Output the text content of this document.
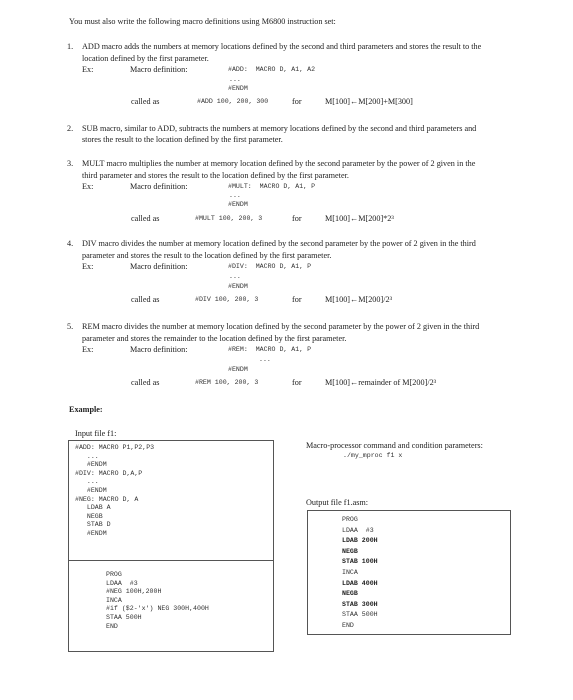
You must also write the following macro definitions using M6800 instruction set:
1. ADD macro adds the numbers at memory locations defined by the second and third parameters and stores the result to the
location defined by the first parameter.
Ex:	Macro definition:	#ADD:  MACRO D, A1, A2
...
#ENDM
called as	#ADD 100, 200, 300	for	M[100]←M[200]+M[300]
2. SUB macro, similar to ADD, subtracts the numbers at memory locations defined by the second and third parameters and
stores the result to the location defined by the first parameter.
3. MULT macro multiplies the number at memory location defined by the second parameter by the power of 2 given in the
third parameter and stores the result to the location defined by the first parameter.
Ex:	Macro definition:	#MULT:  MACRO D, A1, P
...
#ENDM
called as	#MULT 100, 200, 3	for	M[100]←M[200]*2³
4. DIV macro divides the number at memory location defined by the second parameter by the power of 2 given in the third
parameter and stores the result to the location defined by the first parameter.
Ex:	Macro definition:	#DIV:  MACRO D, A1, P
...
#ENDM
called as	#DIV 100, 200, 3	for	M[100]←M[200]/2³
5. REM macro divides the number at memory location defined by the second parameter by the power of 2 given in the third
parameter and stores the remainder to the location defined by the first parameter.
Ex:	Macro definition:	#REM:  MACRO D, A1, P
...
#ENDM
called as	#REM 100, 200, 3	for	M[100]←remainder of M[200]/2³
Example:
Input file f1:
#ADD: MACRO P1,P2,P3
...
#ENDM
#DIV: MACRO D,A,P
...
#ENDM
#NEG: MACRO D, A
LDAB A
NEGB
STAB D
#ENDM
PROG
LDAA  #3
#NEG 100H,200H
INCA
#if ($2-'x') NEG 300H,400H
STAA 500H
END
Macro-processor command and condition parameters:
./my_mproc f1 x
Output file f1.asm:
PROG
LDAA  #3
LDAB 200H
NEGB
STAB 100H
INCA
LDAB 400H
NEGB
STAB 300H
STAA 500H
END
